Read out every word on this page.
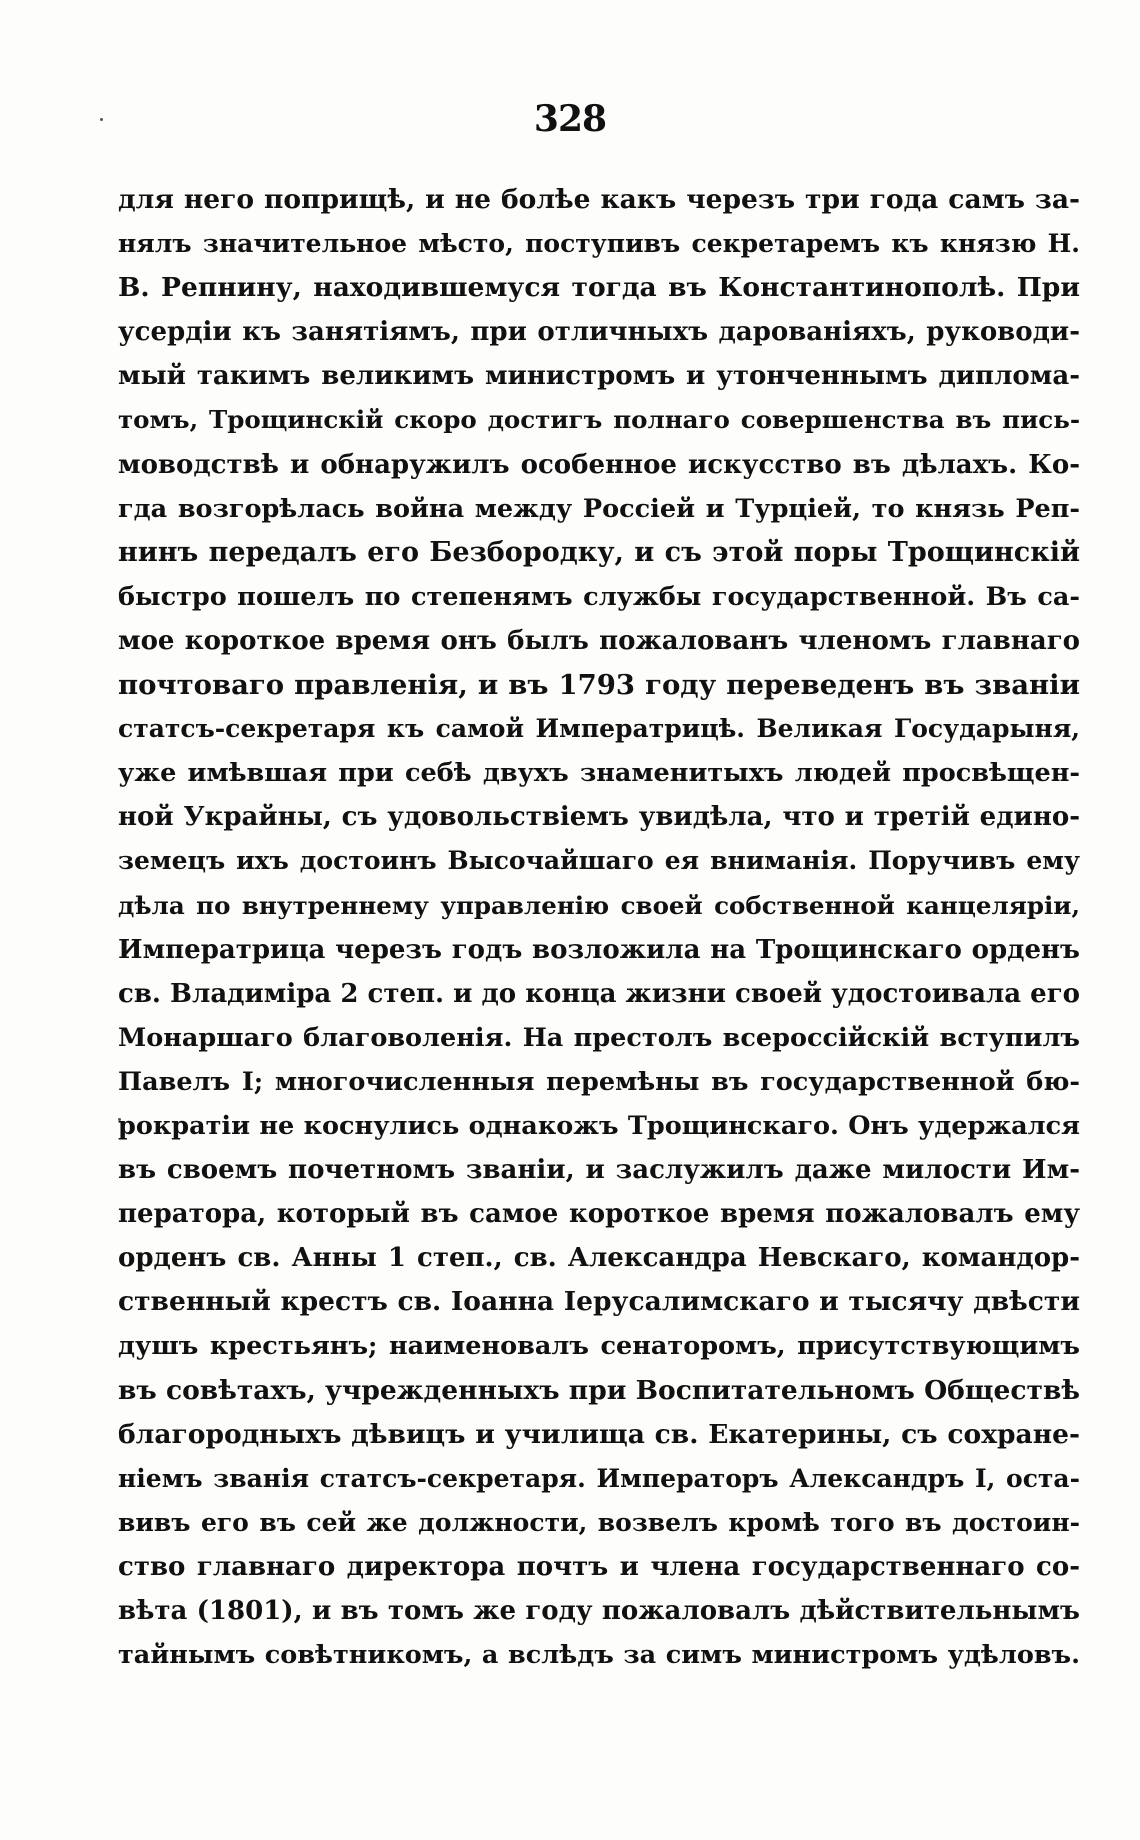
328
для него поприщѣ, и не болѣе какъ черезъ три года самъ за-
нялъ значительное мѣсто, поступивъ секретаремъ къ князю Н.
В. Репнину, находившемуся тогда въ Константинополѣ. При
усердіи къ занятіямъ, при отличныхъ дарованіяхъ, руководи-
мый такимъ великимъ министромъ и утонченнымъ диплома-
томъ, Трощинскій скоро достигъ полнаго совершенства въ пись-
моводствѣ и обнаружилъ особенное искусство въ дѣлахъ. Ко-
гда возгорѣлась война между Россіей и Турціей, то князь Реп-
нинъ передалъ его Безбородку, и съ этой поры Трощинскій
быстро пошелъ по степенямъ службы государственной. Въ са-
мое короткое время онъ былъ пожалованъ членомъ главнаго
почтоваго правленія, и въ 1793 году переведенъ въ званіи
статсъ-секретаря къ самой Императрицѣ. Великая Государыня,
уже имѣвшая при себѣ двухъ знаменитыхъ людей просвѣщен-
ной Украйны, съ удовольствіемъ увидѣла, что и третій едино-
земецъ ихъ достоинъ Высочайшаго ея вниманія. Поручивъ ему
дѣла по внутреннему управленію своей собственной канцеляріи,
Императрица черезъ годъ возложила на Трощинскаго орденъ
св. Владиміра 2 степ. и до конца жизни своей удостоивала его
Монаршаго благоволенія. На престолъ всероссійскій вступилъ
Павелъ I; многочисленныя перемѣны въ государственной бю-
рократіи не коснулись однакожъ Трощинскаго. Онъ удержался
въ своемъ почетномъ званіи, и заслужилъ даже милости Им-
ператора, который въ самое короткое время пожаловалъ ему
орденъ св. Анны 1 степ., св. Александра Невскаго, командор-
ственный крестъ св. Іоанна Іерусалимскаго и тысячу двѣсти
душъ крестьянъ; наименовалъ сенаторомъ, присутствующимъ
въ совѣтахъ, учрежденныхъ при Воспитательномъ Обществѣ
благородныхъ дѣвицъ и училища св. Екатерины, съ сохране-
ніемъ званія статсъ-секретаря. Императоръ Александръ I, оста-
вивъ его въ сей же должности, возвелъ кромѣ того въ достоин-
ство главнаго директора почтъ и члена государственнаго со-
вѣта (1801), и въ томъ же году пожаловалъ дѣйствительнымъ
тайнымъ совѣтникомъ, а вслѣдъ за симъ министромъ удѣловъ.
